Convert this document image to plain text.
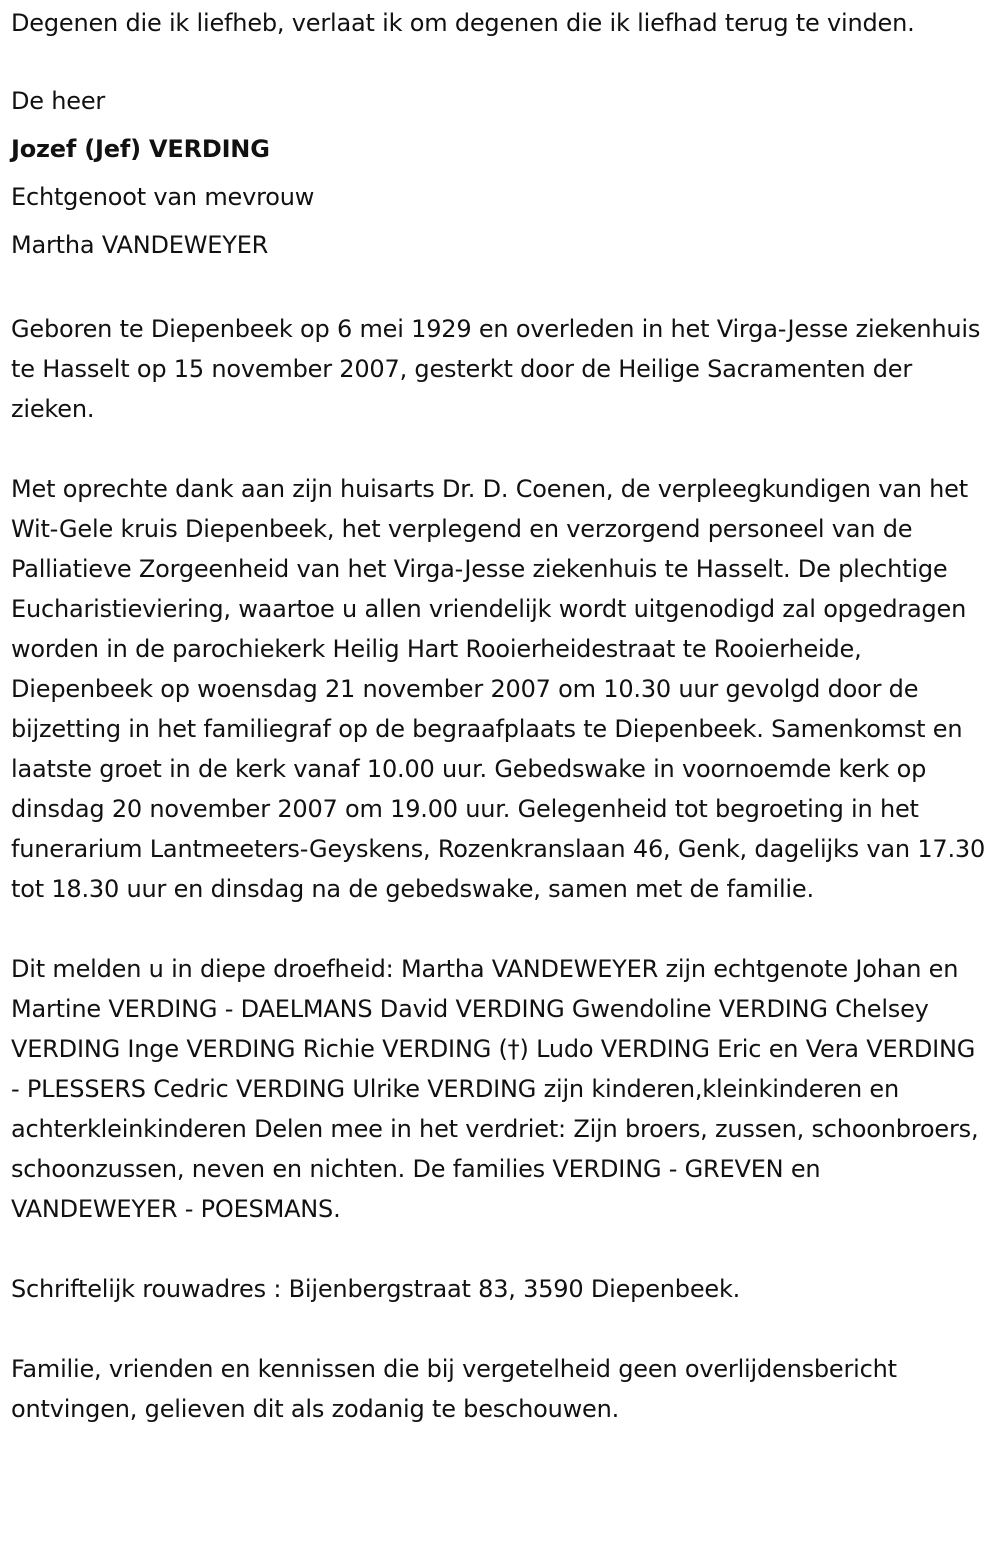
Degenen die ik liefheb, verlaat ik om degenen die ik liefhad terug te vinden.

De heer

Jozef (Jef) VERDING

Echtgenoot van mevrouw

Martha VANDEWEYER

Geboren te Diepenbeek op 6 mei 1929 en overleden in het Virga-Jesse ziekenhuis te Hasselt op 15 november 2007, gesterkt door de Heilige Sacramenten der zieken.

Met oprechte dank aan zijn huisarts Dr. D. Coenen, de verpleegkundigen van het Wit-Gele kruis Diepenbeek, het verplegend en verzorgend personeel van de Palliatieve Zorgeenheid van het Virga-Jesse ziekenhuis te Hasselt. De plechtige Eucharistieviering, waartoe u allen vriendelijk wordt uitgenodigd zal opgedragen worden in de parochiekerk Heilig Hart Rooierheidestraat te Rooierheide, Diepenbeek op woensdag 21 november 2007 om 10.30 uur gevolgd door de bijzetting in het familiegraf op de begraafplaats te Diepenbeek. Samenkomst en laatste groet in de kerk vanaf 10.00 uur. Gebedswake in voornoemde kerk op dinsdag 20 november 2007 om 19.00 uur. Gelegenheid tot begroeting in het funerarium Lantmeeters-Geyskens, Rozenkranslaan 46, Genk, dagelijks van 17.30 tot 18.30 uur en dinsdag na de gebedswake, samen met de familie.

Dit melden u in diepe droefheid: Martha VANDEWEYER zijn echtgenote Johan en Martine VERDING - DAELMANS David VERDING Gwendoline VERDING Chelsey VERDING Inge VERDING Richie VERDING (†) Ludo VERDING Eric en Vera VERDING - PLESSERS Cedric VERDING Ulrike VERDING zijn kinderen,kleinkinderen en achterkleinkinderen Delen mee in het verdriet: Zijn broers, zussen, schoonbroers, schoonzussen, neven en nichten. De families VERDING - GREVEN en VANDEWEYER - POESMANS.

Schriftelijk rouwadres : Bijenbergstraat 83, 3590 Diepenbeek.

Familie, vrienden en kennissen die bij vergetelheid geen overlijdensbericht ontvingen, gelieven dit als zodanig te beschouwen.
